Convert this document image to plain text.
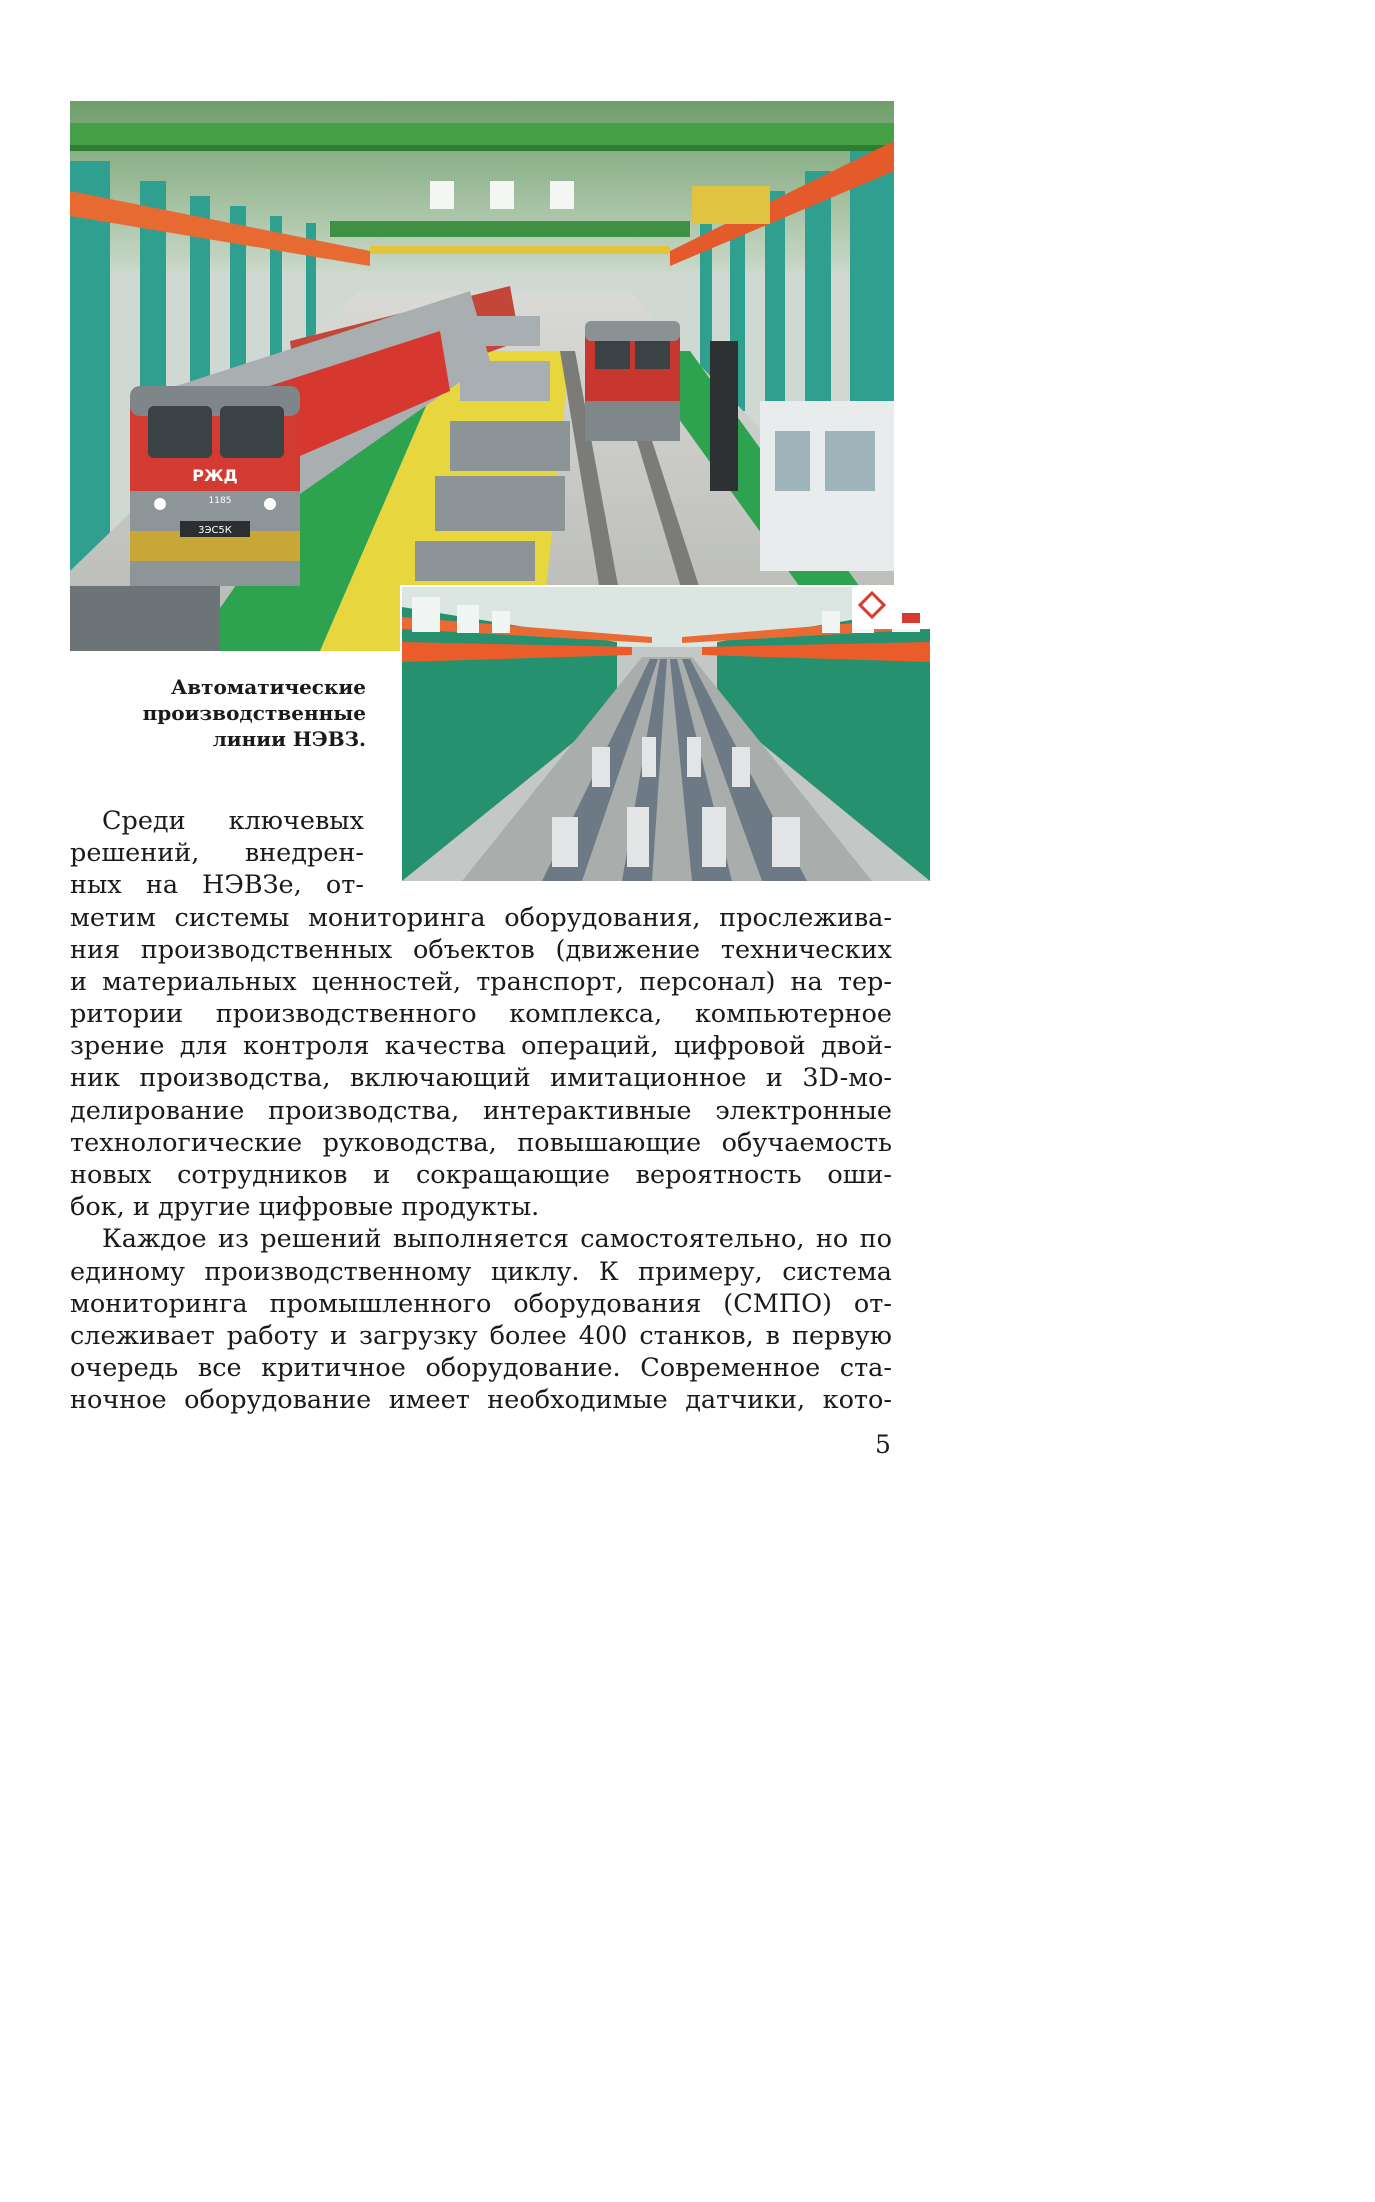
РЖД
1185
3ЭС5К
Автоматические
производственные
линии НЭВЗ.
Среди ключевых
решений, внедрен-
ных на НЭВЗе, от-
метим системы мониторинга оборудования, прослежива-
ния производственных объектов (движение технических
и материальных ценностей, транспорт, персонал) на тер-
ритории производственного комплекса, компьютерное
зрение для контроля качества операций, цифровой двой-
ник производства, включающий имитационное и 3D-мо-
делирование производства, интерактивные электронные
технологические руководства, повышающие обучаемость
новых сотрудников и сокращающие вероятность оши-
бок, и другие цифровые продукты.
Каждое из решений выполняется самостоятельно, но по
единому производственному циклу. К примеру, система
мониторинга промышленного оборудования (СМПО) от-
слеживает работу и загрузку более 400 станков, в первую
очередь все критичное оборудование. Современное ста-
ночное оборудование имеет необходимые датчики, кото-
5
